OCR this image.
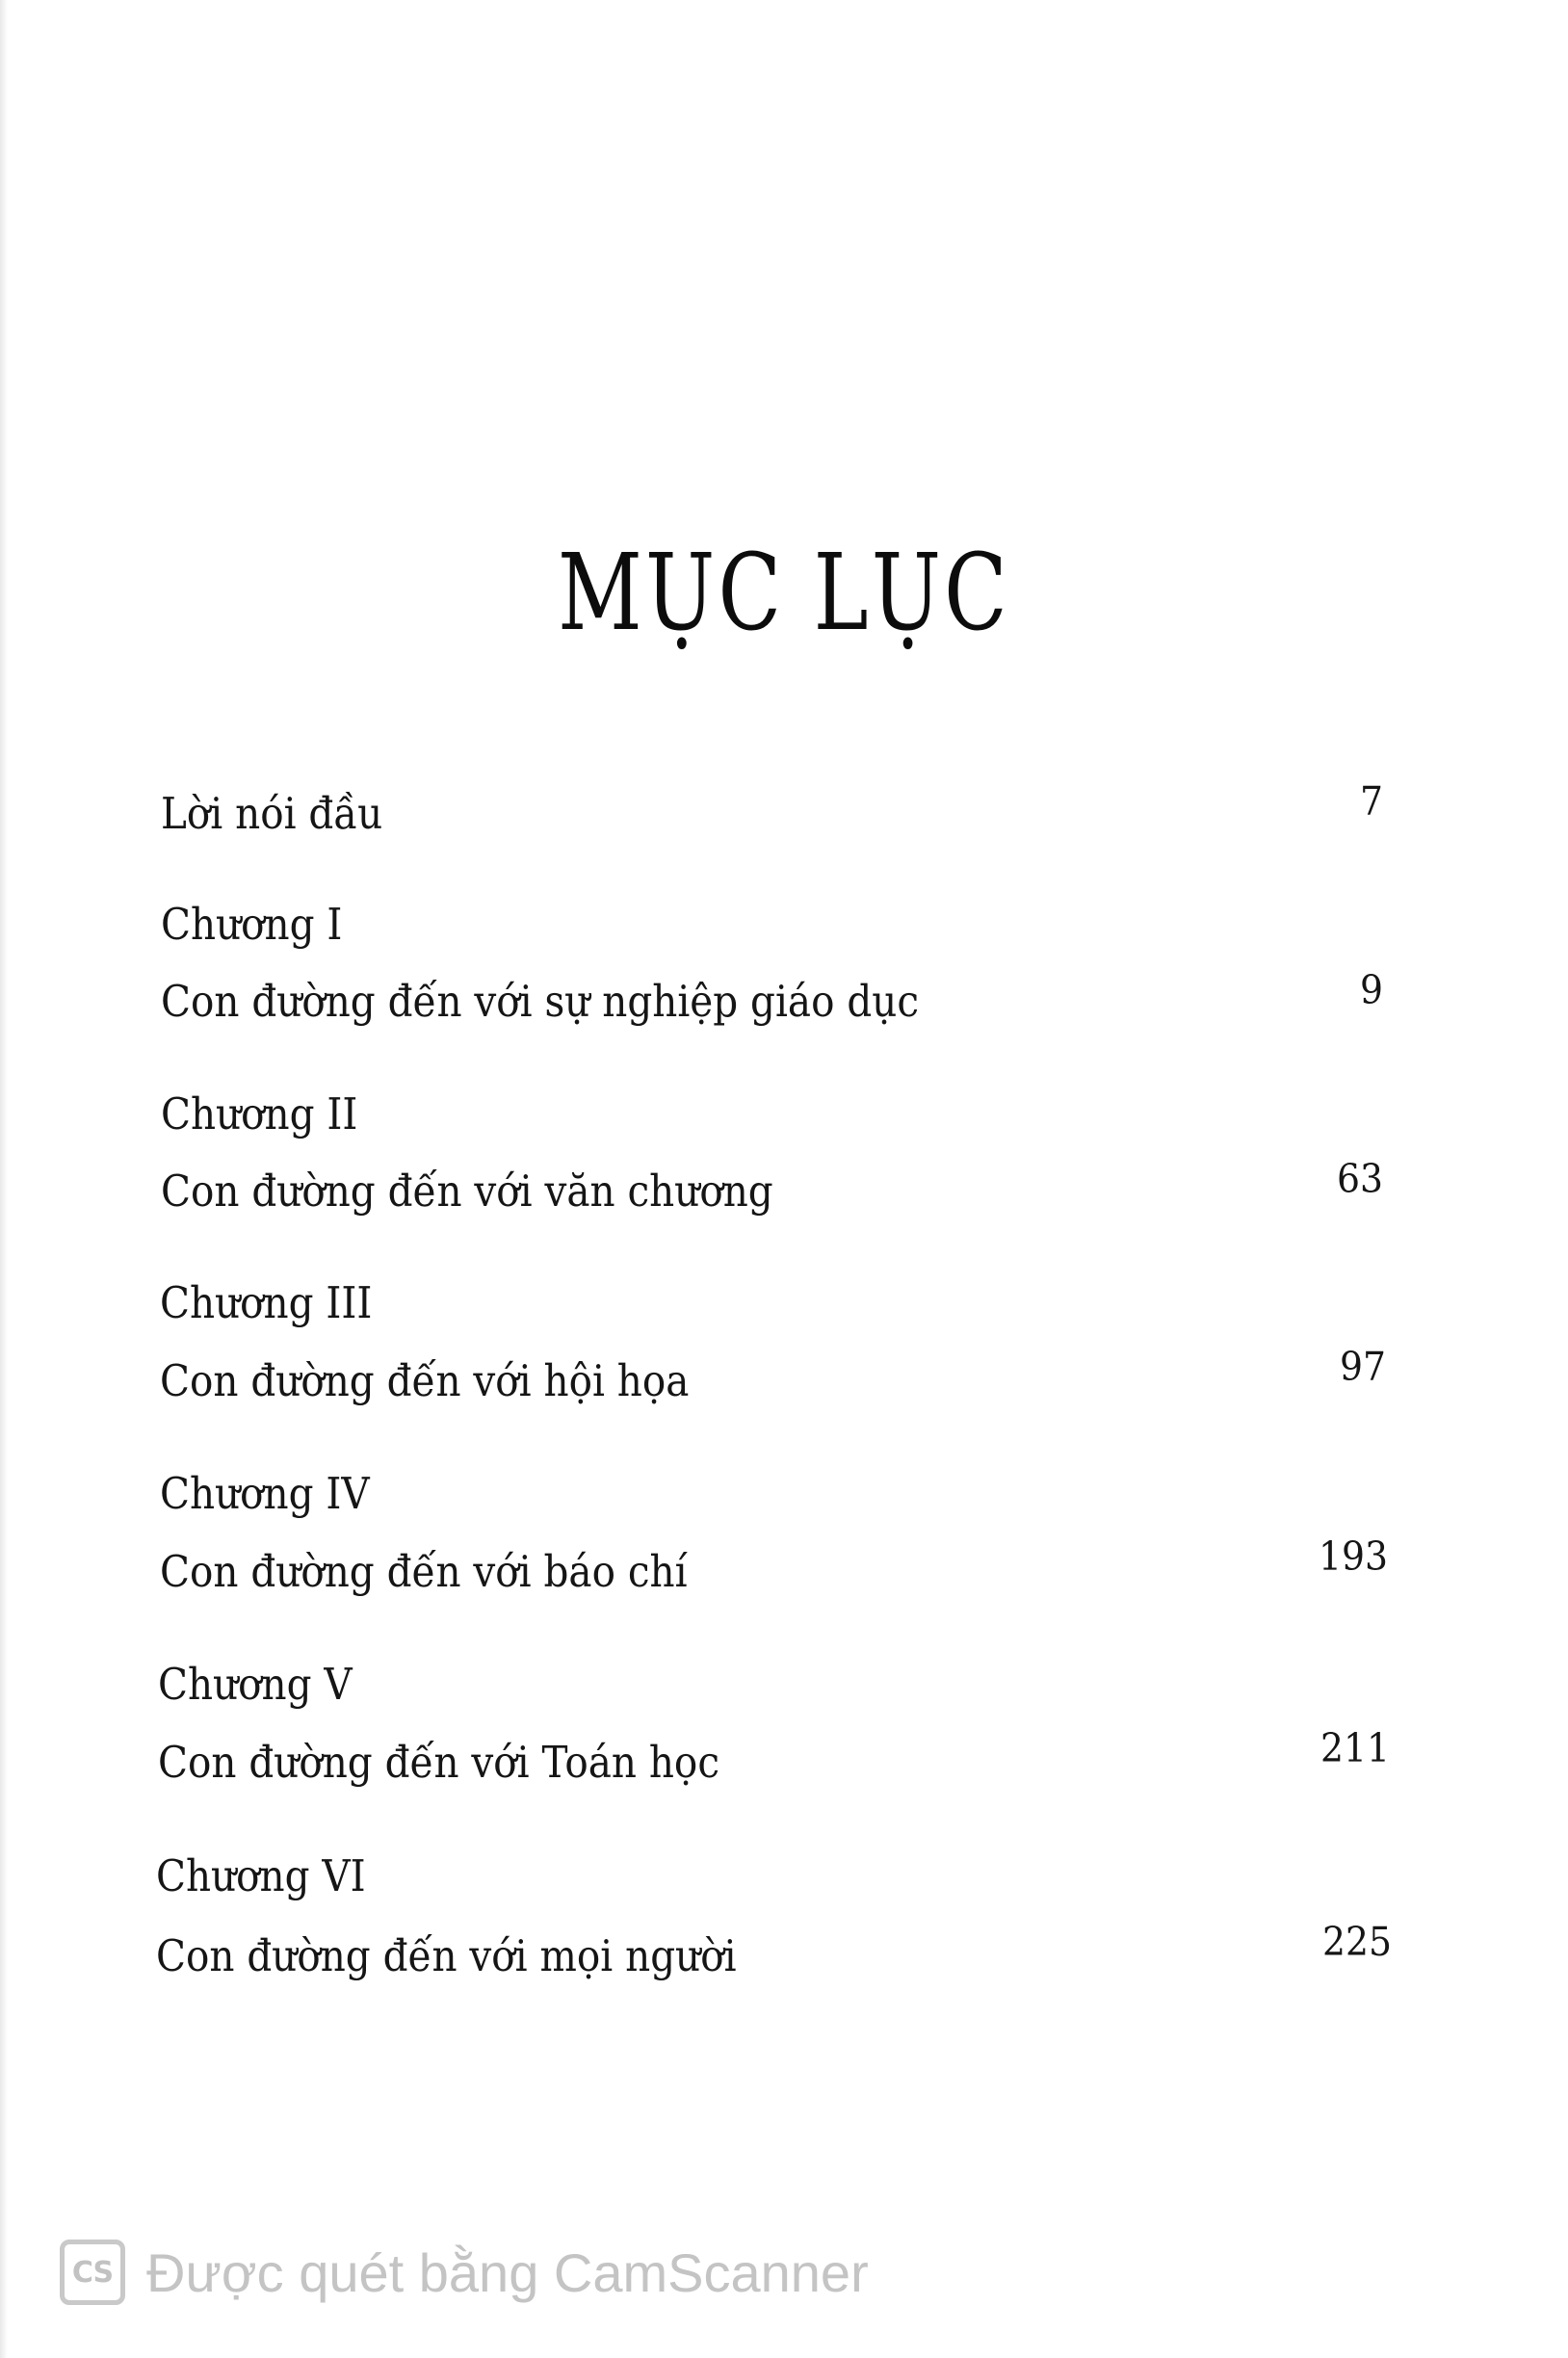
MỤC LỤC
Lời nói đầu	7
Chương I
Con đường đến với sự nghiệp giáo dục	9
Chương II
Con đường đến với văn chương	63
Chương III
Con đường đến với hội họa	97
Chương IV
Con đường đến với báo chí	193
Chương V
Con đường đến với Toán học	211
Chương VI
Con đường đến với mọi người	225
CS Được quét bằng CamScanner
